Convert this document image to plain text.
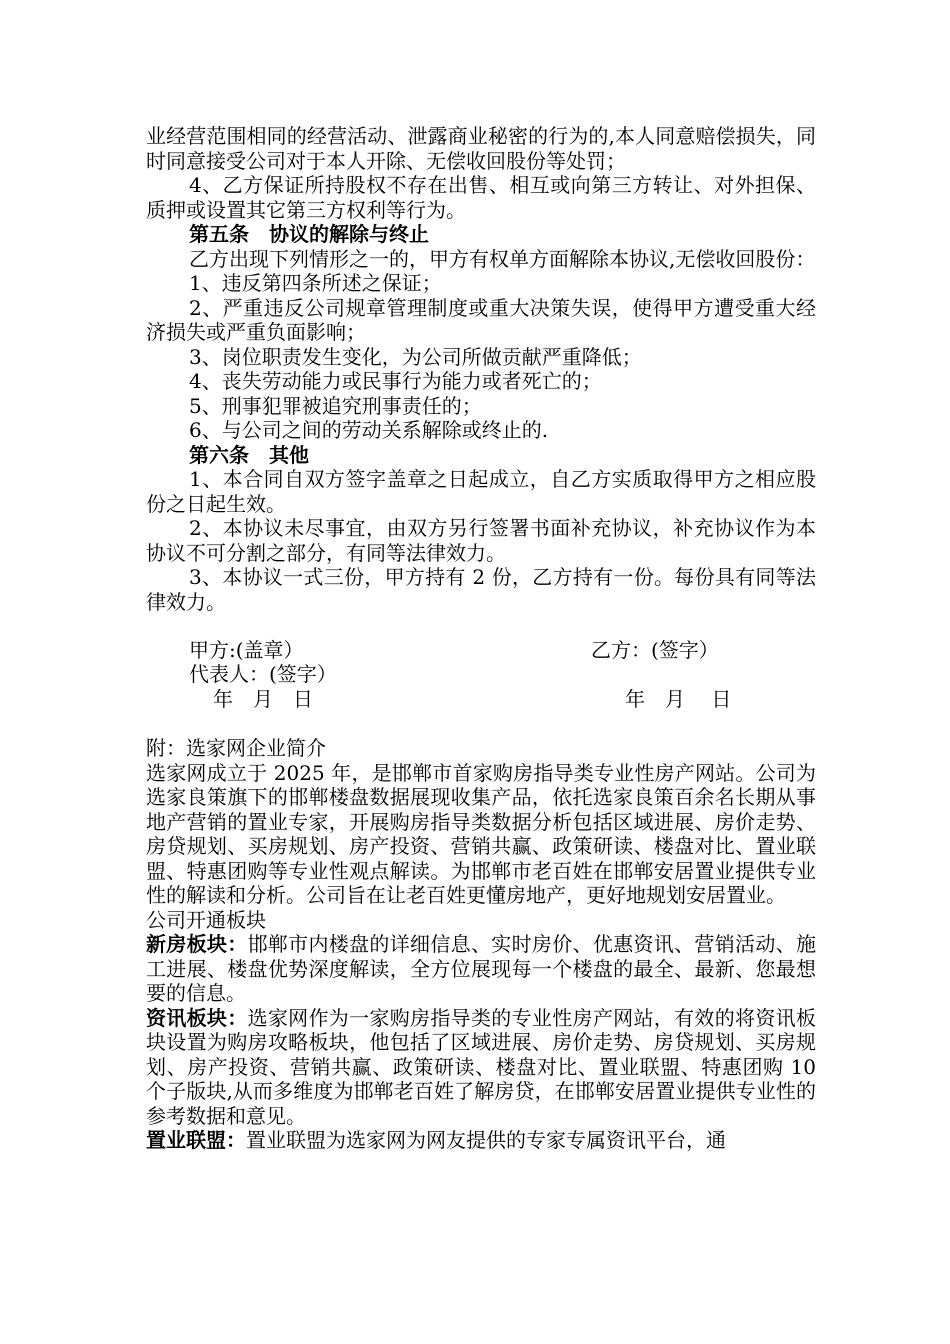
业经营范围相同的经营活动、泄露商业秘密的行为的,本人同意赔偿损失，同时同意接受公司对于本人开除、无偿收回股份等处罚；

4、乙方保证所持股权不存在出售、相互或向第三方转让、对外担保、质押或设置其它第三方权利等行为。

第五条　协议的解除与终止

乙方出现下列情形之一的，甲方有权单方面解除本协议,无偿收回股份：

1、违反第四条所述之保证；

2、严重违反公司规章管理制度或重大决策失误，使得甲方遭受重大经济损失或严重负面影响；

3、岗位职责发生变化，为公司所做贡献严重降低；

4、丧失劳动能力或民事行为能力或者死亡的；

5、刑事犯罪被追究刑事责任的；

6、与公司之间的劳动关系解除或终止的.

第六条　其他

1、本合同自双方签字盖章之日起成立，自乙方实质取得甲方之相应股份之日起生效。

2、本协议未尽事宜，由双方另行签署书面补充协议，补充协议作为本协议不可分割之部分，有同等法律效力。

3、本协议一式三份，甲方持有 2 份，乙方持有一份。每份具有同等法律效力。

甲方:(盖章）	乙方：(签字）
代表人：(签字）
年　月　日	年　月　 日

附：选家网企业简介

选家网成立于 2025 年，是邯郸市首家购房指导类专业性房产网站。公司为选家良策旗下的邯郸楼盘数据展现收集产品，依托选家良策百余名长期从事地产营销的置业专家，开展购房指导类数据分析包括区域进展、房价走势、房贷规划、买房规划、房产投资、营销共赢、政策研读、楼盘对比、置业联盟、特惠团购等专业性观点解读。为邯郸市老百姓在邯郸安居置业提供专业性的解读和分析。公司旨在让老百姓更懂房地产，更好地规划安居置业。

公司开通板块

新房板块：邯郸市内楼盘的详细信息、实时房价、优惠资讯、营销活动、施工进展、楼盘优势深度解读，全方位展现每一个楼盘的最全、最新、您最想要的信息。

资讯板块：选家网作为一家购房指导类的专业性房产网站，有效的将资讯板块设置为购房攻略板块，他包括了区域进展、房价走势、房贷规划、买房规划、房产投资、营销共赢、政策研读、楼盘对比、置业联盟、特惠团购 10 个子版块,从而多维度为邯郸老百姓了解房贷，在邯郸安居置业提供专业性的参考数据和意见。

置业联盟：置业联盟为选家网为网友提供的专家专属资讯平台，通
